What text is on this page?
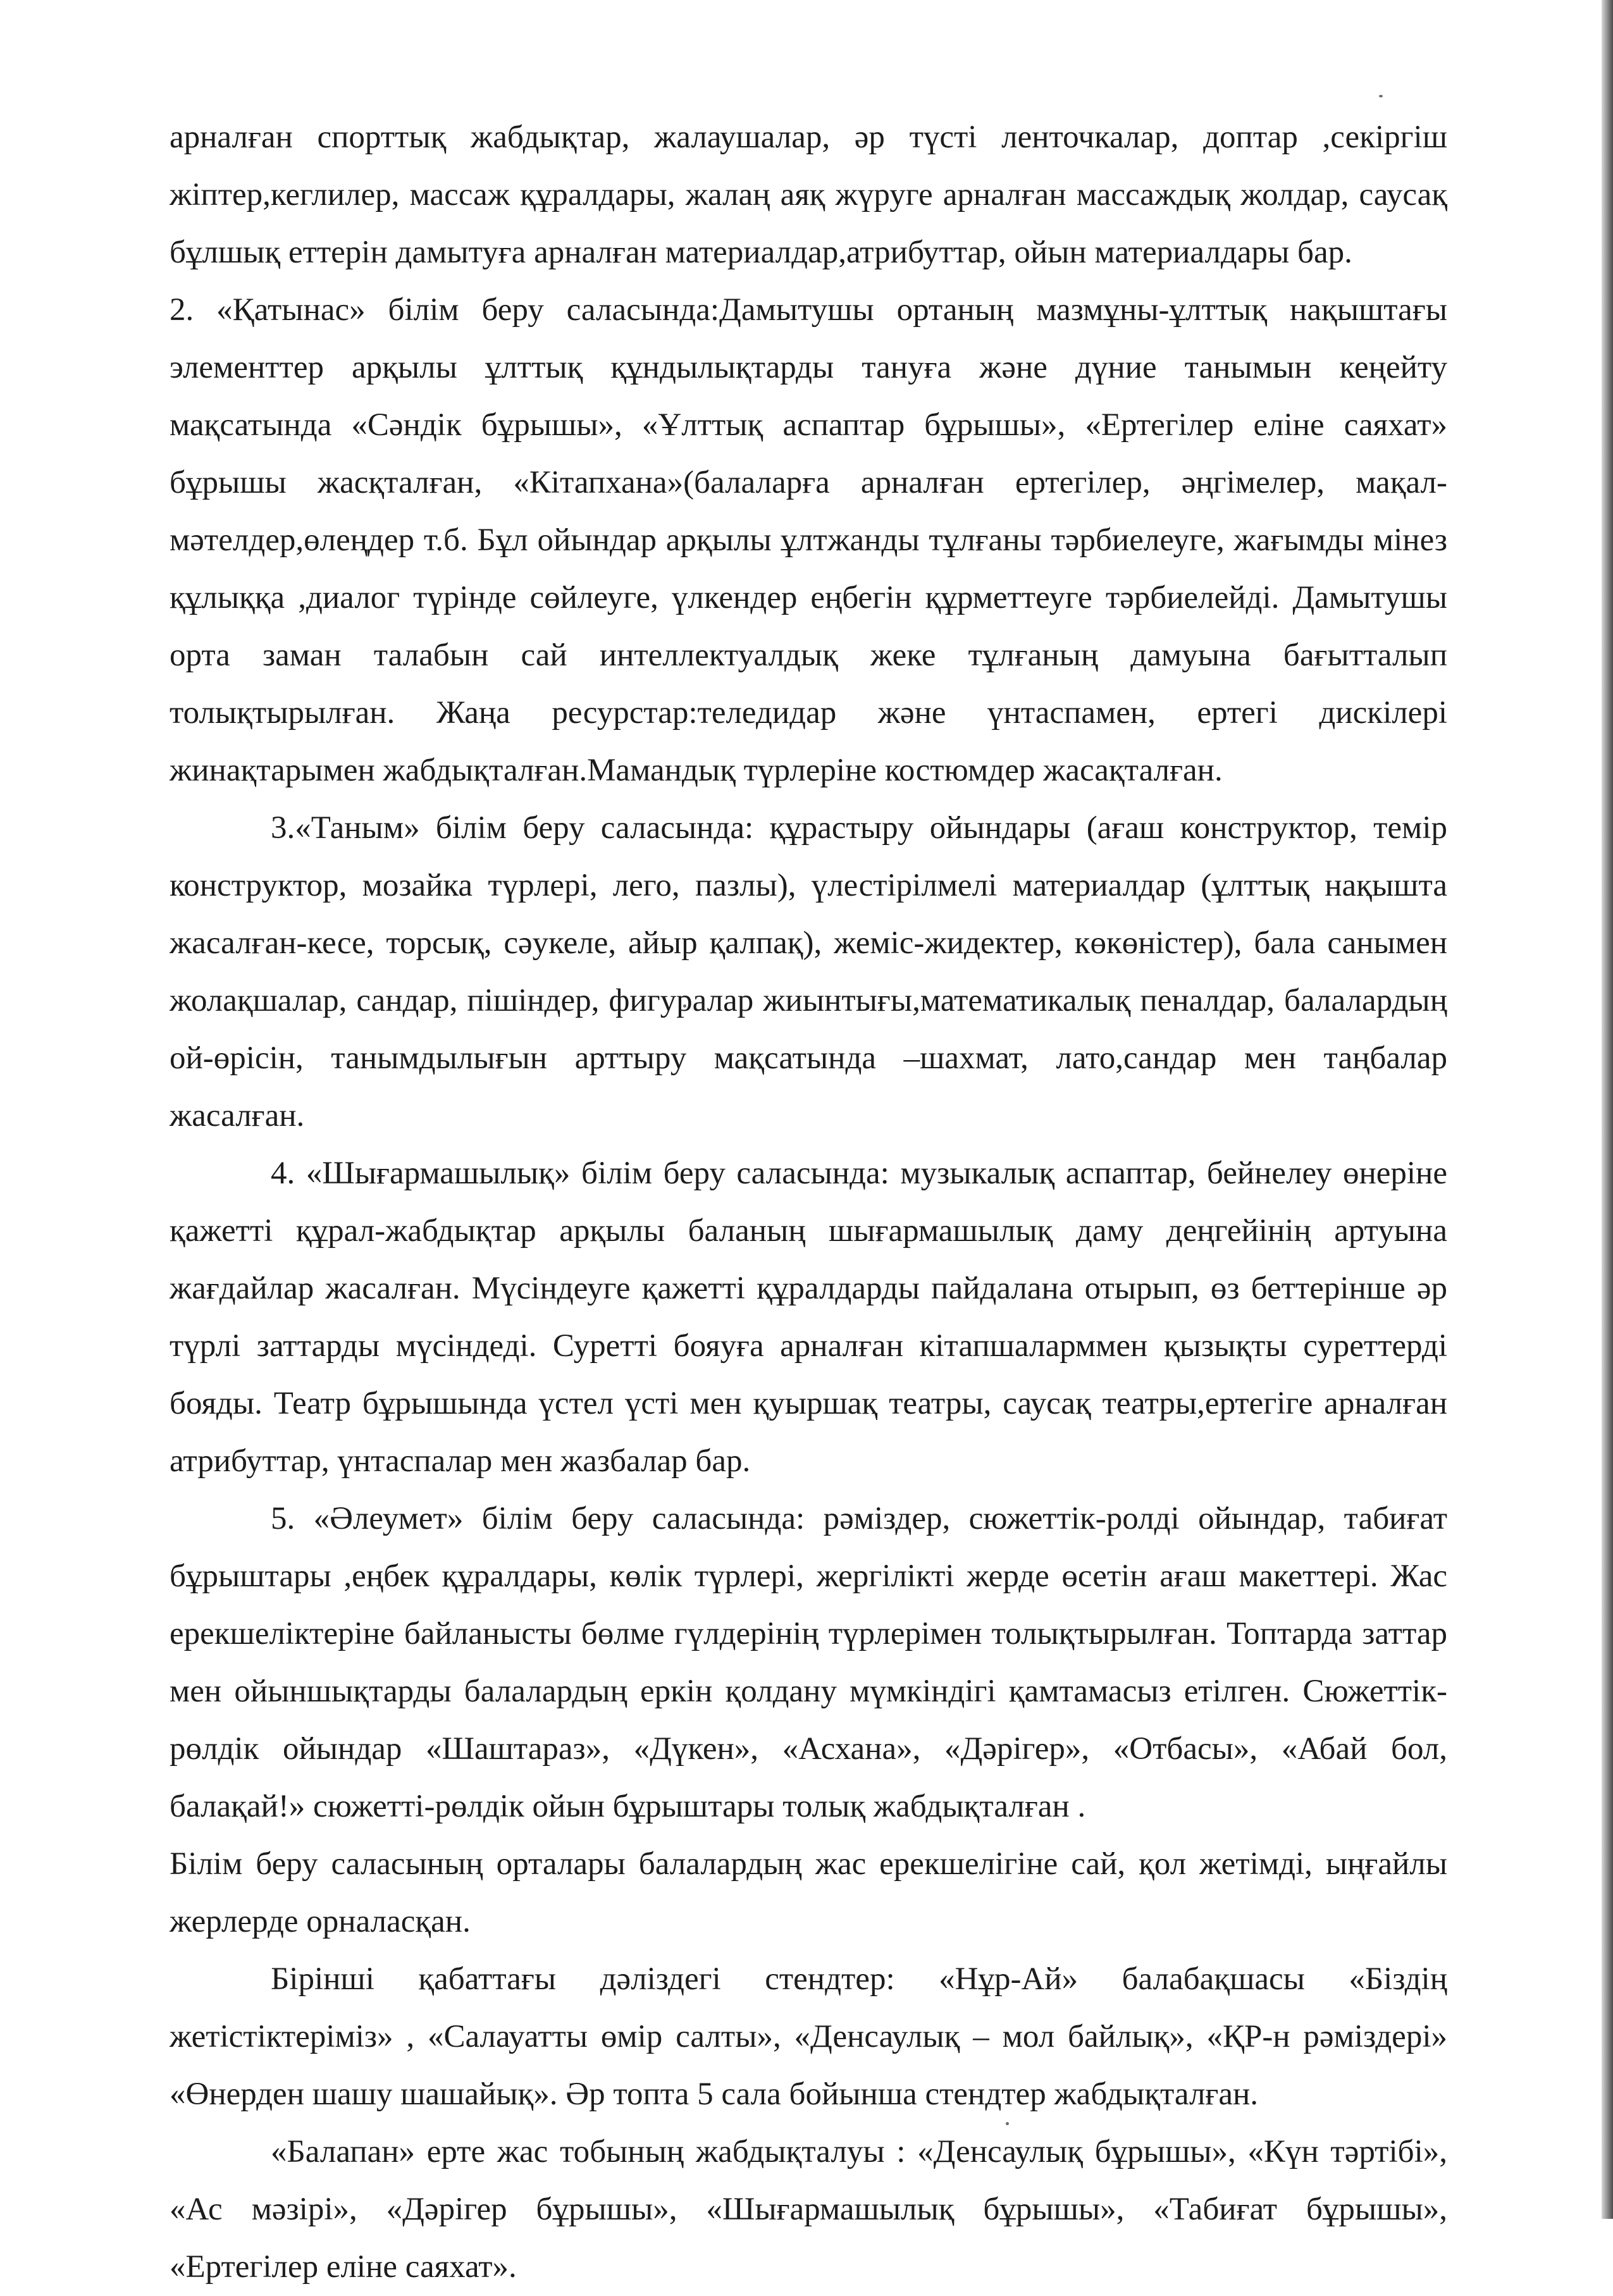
арналған спорттық жабдықтар, жалаушалар, әр түсті ленточкалар, доптар ,секіргіш жіптер,кеглилер, массаж құралдары, жалаң аяқ жүруге арналған массаждық жолдар, саусақ бұлшық еттерін дамытуға арналған материалдар,атрибуттар, ойын материалдары бар.

2. «Қатынас» білім беру саласында:Дамытушы ортаның мазмұны-ұлттық нақыштағы элементтер арқылы ұлттық құндылықтарды тануға және дүние танымын кеңейту мақсатында «Сәндік бұрышы», «Ұлттық аспаптар бұрышы», «Ертегілер еліне саяхат» бұрышы жасқталған, «Кітапхана»(балаларға арналған ертегілер, әңгімелер, мақал-мәтелдер,өлеңдер т.б. Бұл ойындар арқылы ұлтжанды тұлғаны тәрбиелеуге, жағымды мінез құлыққа ,диалог түрінде сөйлеуге, үлкендер еңбегін құрметтеуге тәрбиелейді. Дамытушы орта заман талабын сай интеллектуалдық жеке тұлғаның дамуына бағытталып толықтырылған. Жаңа ресурстар:теледидар және үнтаспамен, ертегі дискілері жинақтарымен жабдықталған.Мамандық түрлеріне костюмдер жасақталған.

3.«Таным» білім беру саласында: құрастыру ойындары (ағаш конструктор, темір конструктор, мозайка түрлері, лего, пазлы), үлестірілмелі материалдар (ұлттық нақышта жасалған-кесе, торсық, сәукеле, айыр қалпақ), жеміс-жидектер, көкөністер), бала санымен жолақшалар, сандар, пішіндер, фигуралар жиынтығы,математикалық пеналдар, балалардың ой-өрісін, танымдылығын арттыру мақсатында –шахмат, лато,сандар мен таңбалар жасалған.

4. «Шығармашылық» білім беру саласында: музыкалық аспаптар, бейнелеу өнеріне қажетті құрал-жабдықтар арқылы баланың шығармашылық даму деңгейінің артуына жағдайлар жасалған. Мүсіндеуге қажетті құралдарды пайдалана отырып, өз беттерінше әр түрлі заттарды мүсіндеді. Суретті бояуға арналған кітапшаларммен қызықты суреттерді бояды. Театр бұрышында үстел үсті мен қуыршақ театры, саусақ театры,ертегіге арналған атрибуттар, үнтаспалар мен жазбалар бар.

5. «Әлеумет» білім беру саласында: рәміздер, сюжеттік-ролді ойындар, табиғат бұрыштары ,еңбек құралдары, көлік түрлері, жергілікті жерде өсетін ағаш макеттері. Жас ерекшеліктеріне байланысты бөлме гүлдерінің түрлерімен толықтырылған. Топтарда заттар мен ойыншықтарды балалардың еркін қолдану мүмкіндігі қамтамасыз етілген. Сюжеттік-рөлдік ойындар «Шаштараз», «Дүкен», «Асхана», «Дәрігер», «Отбасы», «Абай бол, балақай!» сюжетті-рөлдік ойын бұрыштары толық жабдықталған .

Білім беру саласының орталары балалардың жас ерекшелігіне сай, қол жетімді, ыңғайлы жерлерде орналасқан.

Бірінші қабаттағы дәліздегі стендтер: «Нұр-Ай» балабақшасы «Біздің жетістіктеріміз» , «Салауатты өмір салты», «Денсаулық – мол байлық», «ҚР-н рәміздері» «Өнерден шашу шашайық». Әр топта 5 сала бойынша стендтер жабдықталған.

«Балапан» ерте жас тобының жабдықталуы : «Денсаулық бұрышы», «Күн тәртібі», «Ас мәзірі», «Дәрігер бұрышы», «Шығармашылық бұрышы», «Табиғат бұрышы», «Ертегілер еліне саяхат».
